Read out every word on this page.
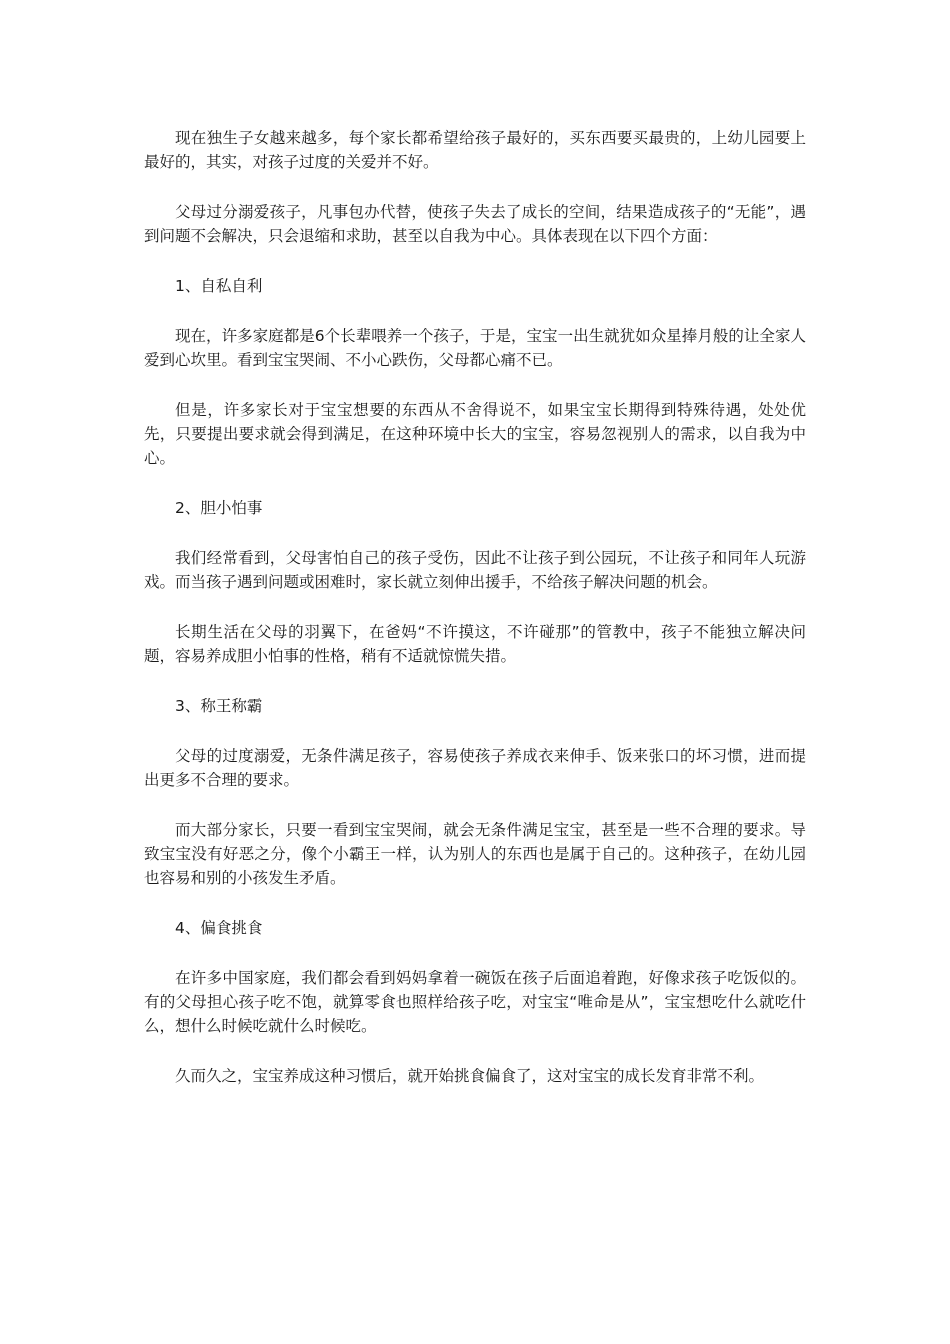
现在独生子女越来越多，每个家长都希望给孩子最好的，买东西要买最贵的，上幼儿园要上最好的，其实，对孩子过度的关爱并不好。

父母过分溺爱孩子，凡事包办代替，使孩子失去了成长的空间，结果造成孩子的“无能”，遇到问题不会解决，只会退缩和求助，甚至以自我为中心。具体表现在以下四个方面：

1、自私自利

现在，许多家庭都是6个长辈喂养一个孩子，于是，宝宝一出生就犹如众星捧月般的让全家人爱到心坎里。看到宝宝哭闹、不小心跌伤，父母都心痛不已。

但是，许多家长对于宝宝想要的东西从不舍得说不，如果宝宝长期得到特殊待遇，处处优先，只要提出要求就会得到满足，在这种环境中长大的宝宝，容易忽视别人的需求，以自我为中心。

2、胆小怕事

我们经常看到，父母害怕自己的孩子受伤，因此不让孩子到公园玩，不让孩子和同年人玩游戏。而当孩子遇到问题或困难时，家长就立刻伸出援手，不给孩子解决问题的机会。

长期生活在父母的羽翼下，在爸妈“不许摸这，不许碰那”的管教中，孩子不能独立解决问题，容易养成胆小怕事的性格，稍有不适就惊慌失措。

3、称王称霸

父母的过度溺爱，无条件满足孩子，容易使孩子养成衣来伸手、饭来张口的坏习惯，进而提出更多不合理的要求。

而大部分家长，只要一看到宝宝哭闹，就会无条件满足宝宝，甚至是一些不合理的要求。导致宝宝没有好恶之分，像个小霸王一样，认为别人的东西也是属于自己的。这种孩子，在幼儿园也容易和别的小孩发生矛盾。

4、偏食挑食

在许多中国家庭，我们都会看到妈妈拿着一碗饭在孩子后面追着跑，好像求孩子吃饭似的。有的父母担心孩子吃不饱，就算零食也照样给孩子吃，对宝宝“唯命是从”，宝宝想吃什么就吃什么，想什么时候吃就什么时候吃。

久而久之，宝宝养成这种习惯后，就开始挑食偏食了，这对宝宝的成长发育非常不利。
